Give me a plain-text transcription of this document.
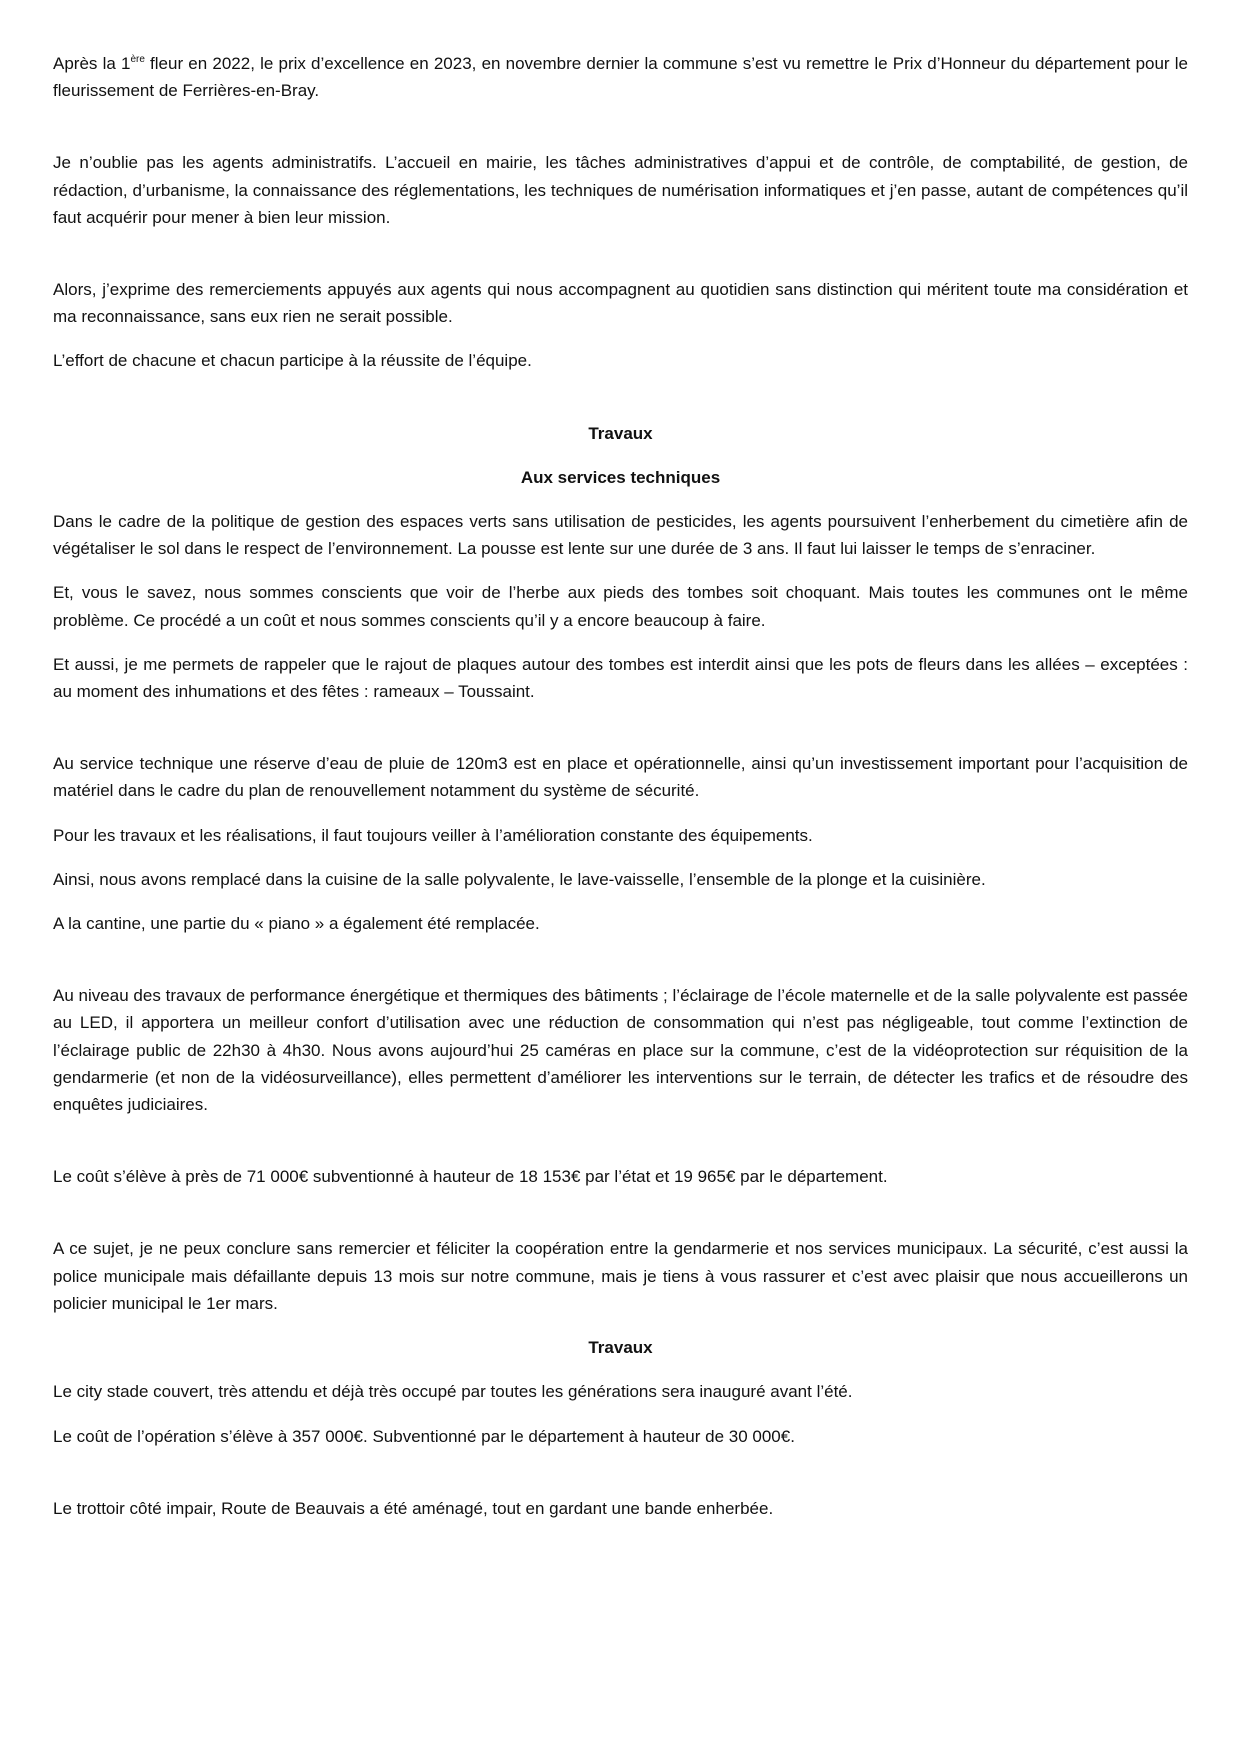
Après la 1ère fleur en 2022, le prix d’excellence en 2023, en novembre dernier la commune s’est vu remettre le Prix d’Honneur du département pour le fleurissement de Ferrières-en-Bray.

Je n’oublie pas les agents administratifs. L’accueil en mairie, les tâches administratives d’appui et de contrôle, de comptabilité, de gestion, de rédaction, d’urbanisme, la connaissance des réglementations, les techniques de numérisation informatiques et j’en passe, autant de compétences qu’il faut acquérir pour mener à bien leur mission.

Alors, j’exprime des remerciements appuyés aux agents qui nous accompagnent au quotidien sans distinction qui méritent toute ma considération et ma reconnaissance, sans eux rien ne serait possible.

L’effort de chacune et chacun participe à la réussite de l’équipe.

Travaux

Aux services techniques

Dans le cadre de la politique de gestion des espaces verts sans utilisation de pesticides, les agents poursuivent l’enherbement du cimetière afin de végétaliser le sol dans le respect de l’environnement. La pousse est lente sur une durée de 3 ans. Il faut lui laisser le temps de s’enraciner.

Et, vous le savez, nous sommes conscients que voir de l’herbe aux pieds des tombes soit choquant. Mais toutes les communes ont le même problème. Ce procédé a un coût et nous sommes conscients qu’il y a encore beaucoup à faire.

Et aussi, je me permets de rappeler que le rajout de plaques autour des tombes est interdit ainsi que les pots de fleurs dans les allées – exceptées : au moment des inhumations et des fêtes : rameaux – Toussaint.

Au service technique une réserve d’eau de pluie de 120m3 est en place et opérationnelle, ainsi qu’un investissement important pour l’acquisition de matériel dans le cadre du plan de renouvellement notamment du système de sécurité.

Pour les travaux et les réalisations, il faut toujours veiller à l’amélioration constante des équipements.

Ainsi, nous avons remplacé dans la cuisine de la salle polyvalente, le lave-vaisselle, l’ensemble de la plonge et la cuisinière.

A la cantine, une partie du « piano » a également été remplacée.

Au niveau des travaux de performance énergétique et thermiques des bâtiments ; l’éclairage de l’école maternelle et de la salle polyvalente est passée au LED, il apportera un meilleur confort d’utilisation avec une réduction de consommation qui n’est pas négligeable, tout comme l’extinction de l’éclairage public de 22h30 à 4h30. Nous avons aujourd’hui 25 caméras en place sur la commune, c’est de la vidéoprotection sur réquisition de la gendarmerie (et non de la vidéosurveillance), elles permettent d’améliorer les interventions sur le terrain, de détecter les trafics et de résoudre des enquêtes judiciaires.

Le coût s’élève à près de 71 000€ subventionné à hauteur de 18 153€ par l’état et 19 965€ par le département.

A ce sujet, je ne peux conclure sans remercier et féliciter la coopération entre la gendarmerie et nos services municipaux. La sécurité, c’est aussi la police municipale mais défaillante depuis 13 mois sur notre commune, mais je tiens à vous rassurer et c’est avec plaisir que nous accueillerons un policier municipal le 1er mars.

Travaux

Le city stade couvert, très attendu et déjà très occupé par toutes les générations sera inauguré avant l’été.

Le coût de l’opération s’élève à 357 000€. Subventionné par le département à hauteur de 30 000€.

Le trottoir côté impair, Route de Beauvais a été aménagé, tout en gardant une bande enherbée.
